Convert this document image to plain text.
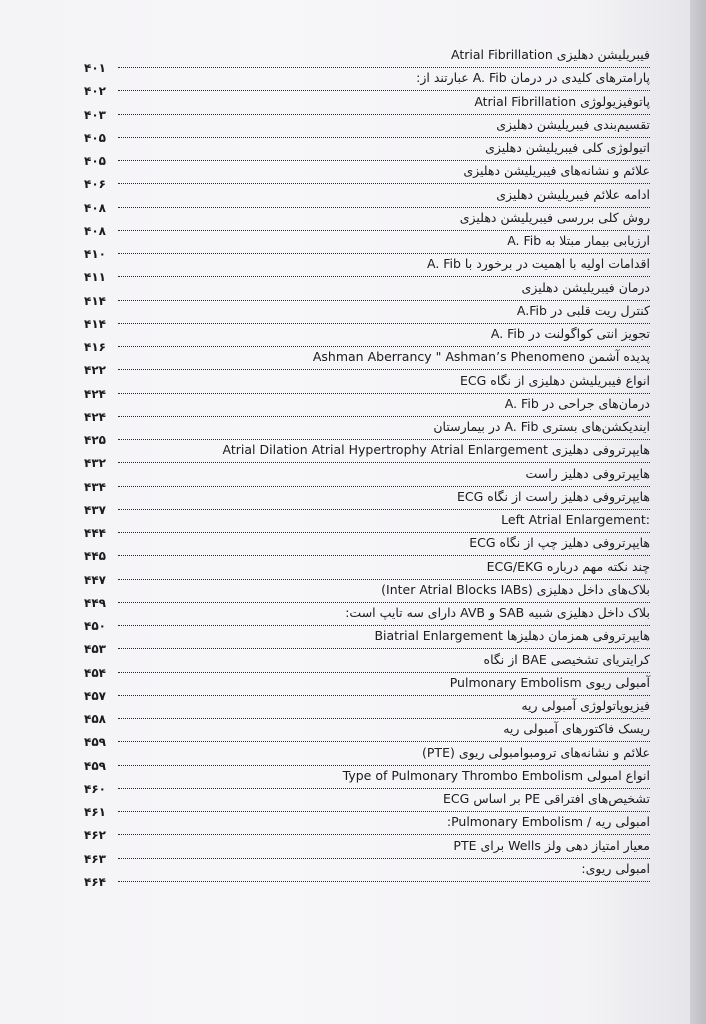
فیبریلیشن دهلیزی Atrial Fibrillation
۴۰۱
پارامترهای کلیدی در درمان A. Fib عبارتند از:
۴۰۲
پاتوفیزیولوژی Atrial Fibrillation
۴۰۳
تقسیم‌بندی فیبریلیشن دهلیزی
۴۰۵
اتیولوژی کلی فیبریلیشن دهلیزی
۴۰۵
علائم و نشانه‌های فیبریلیشن دهلیزی
۴۰۶
ادامه علائم فیبریلیشن دهلیزی
۴۰۸
روش کلی بررسی فیبریلیشن دهلیزی
۴۰۸
ارزیابی بیمار مبتلا به A. Fib
۴۱۰
اقدامات اولیه با اهمیت در برخورد با A. Fib
۴۱۱
درمان فیبریلیشن دهلیزی
۴۱۴
کنترل ریت قلبی در A.Fib
۴۱۴
تجویز انتی کواگولنت در A. Fib
۴۱۶
پدیده آشمن Ashman Aberrancy " Ashman’s Phenomeno
۴۲۲
انواع فیبریلیشن دهلیزی از نگاه ECG
۴۲۴
درمان‌های جراحی در A. Fib
۴۲۴
ایندیکشن‌های بستری A. Fib در بیمارستان
۴۲۵
هایپرتروفی دهلیزی Atrial Dilation Atrial Hypertrophy Atrial Enlargement
۴۳۲
هایپرتروفی دهلیز راست
۴۳۴
هایپرتروفی دهلیز راست از نگاه ECG
۴۳۷
Left Atrial Enlargement:
۴۴۴
هایپرتروفی دهلیز چپ از نگاه ECG
۴۴۵
چند نکته مهم درباره ECG/EKG
۴۴۷
بلاک‌های داخل دهلیزی (Inter Atrial Blocks IABs)
۴۴۹
بلاک داخل دهلیزی شبیه SAB و AVB دارای سه تایپ است:
۴۵۰
هایپرتروفی همزمان دهلیزها Biatrial Enlargement
۴۵۳
کرایتریای تشخیصی BAE از نگاه
۴۵۴
آمبولی ریوی Pulmonary Embolism
۴۵۷
فیزیوپاتولوژی آمبولی ریه
۴۵۸
ریسک فاکتورهای آمبولی ریه
۴۵۹
علائم و نشانه‌های ترومبوامبولی ریوی (PTE)
۴۵۹
انواع امبولی Type of Pulmonary Thrombo Embolism
۴۶۰
تشخیص‌های افتراقی PE بر اساس ECG
۴۶۱
امبولی ریه / Pulmonary Embolism:
۴۶۲
معیار امتیاز دهی ولز Wells برای PTE
۴۶۳
امبولی ریوی:
۴۶۴
